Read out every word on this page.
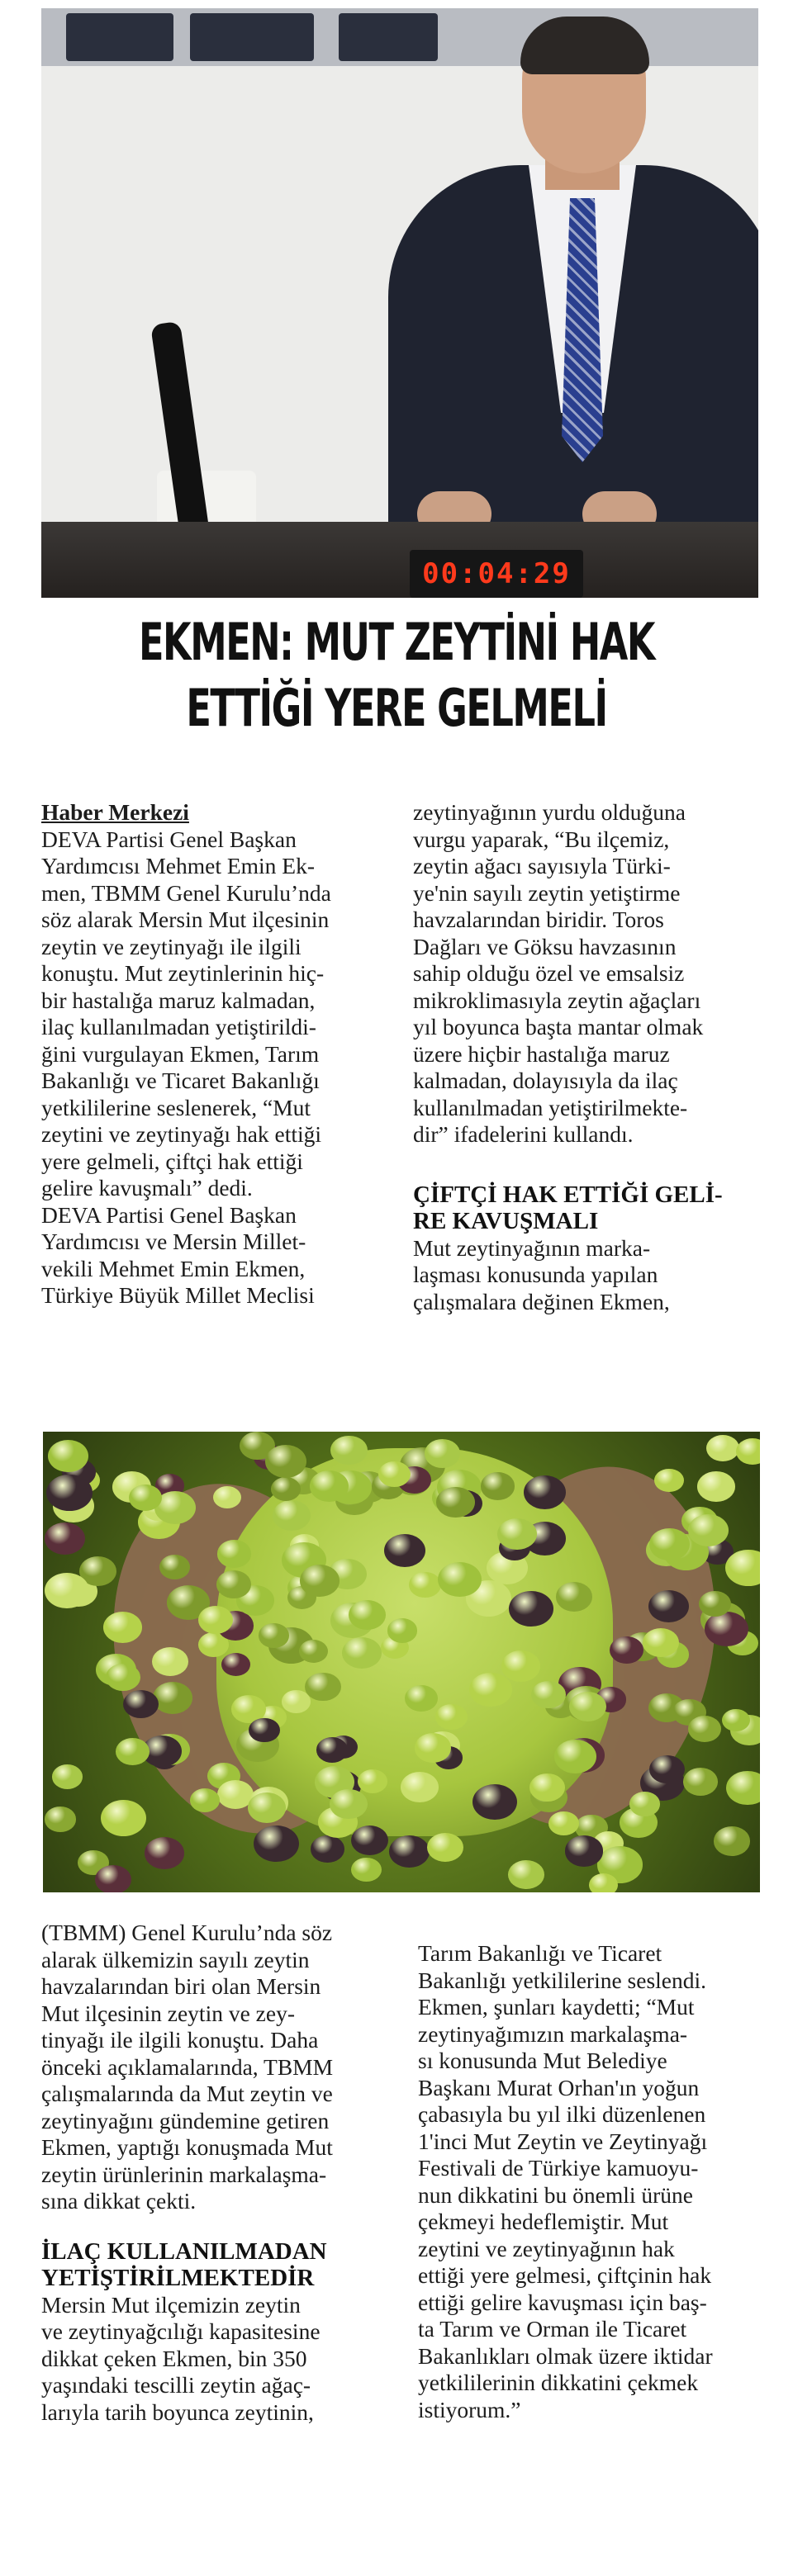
00:04:29
EKMEN: MUT ZEYTİNİ HAK
ETTİĞİ YERE GELMELİ

Haber Merkezi

DEVA Partisi Genel Başkan

Yardımcısı Mehmet Emin Ek-

men, TBMM Genel Kurulu’nda

söz alarak Mersin Mut ilçesinin

zeytin ve zeytinyağı ile ilgili

konuştu. Mut zeytinlerinin hiç-

bir hastalığa maruz kalmadan,

ilaç kullanılmadan yetiştirildi-

ğini vurgulayan Ekmen, Tarım

Bakanlığı ve Ticaret Bakanlığı

yetkililerine seslenerek, “Mut

zeytini ve zeytinyağı hak ettiği

yere gelmeli, çiftçi hak ettiği

gelire kavuşmalı” dedi.

DEVA Partisi Genel Başkan

Yardımcısı ve Mersin Millet-

vekili Mehmet Emin Ekmen,

Türkiye Büyük Millet Meclisi

zeytinyağının yurdu olduğuna

vurgu yaparak, “Bu ilçemiz,

zeytin ağacı sayısıyla Türki-

ye'nin sayılı zeytin yetiştirme

havzalarından biridir. Toros

Dağları ve Göksu havzasının

sahip olduğu özel ve emsalsiz

mikroklimasıyla zeytin ağaçları

yıl boyunca başta mantar olmak

üzere hiçbir hastalığa maruz

kalmadan, dolayısıyla da ilaç

kullanılmadan yetiştirilmekte-

dir” ifadelerini kullandı.

ÇİFTÇİ HAK ETTİĞİ GELİ-

RE KAVUŞMALI

Mut zeytinyağının marka-

laşması konusunda yapılan

çalışmalara değinen Ekmen,

(TBMM) Genel Kurulu’nda söz

alarak ülkemizin sayılı zeytin

havzalarından biri olan Mersin

Mut ilçesinin zeytin ve zey-

tinyağı ile ilgili konuştu. Daha

önceki açıklamalarında, TBMM

çalışmalarında da Mut zeytin ve

zeytinyağını gündemine getiren

Ekmen, yaptığı konuşmada Mut

zeytin ürünlerinin markalaşma-

sına dikkat çekti.

İLAÇ KULLANILMADAN

YETİŞTİRİLMEKTEDİR

Mersin Mut ilçemizin zeytin

ve zeytinyağcılığı kapasitesine

dikkat çeken Ekmen, bin 350

yaşındaki tescilli zeytin ağaç-

larıyla tarih boyunca zeytinin,

Tarım Bakanlığı ve Ticaret

Bakanlığı yetkililerine seslendi.

Ekmen, şunları kaydetti; “Mut

zeytinyağımızın markalaşma-

sı konusunda Mut Belediye

Başkanı Murat Orhan'ın yoğun

çabasıyla bu yıl ilki düzenlenen

1'inci Mut Zeytin ve Zeytinyağı

Festivali de Türkiye kamuoyu-

nun dikkatini bu önemli ürüne

çekmeyi hedeflemiştir. Mut

zeytini ve zeytinyağının hak

ettiği yere gelmesi, çiftçinin hak

ettiği gelire kavuşması için baş-

ta Tarım ve Orman ile Ticaret

Bakanlıkları olmak üzere iktidar

yetkililerinin dikkatini çekmek

istiyorum.”
